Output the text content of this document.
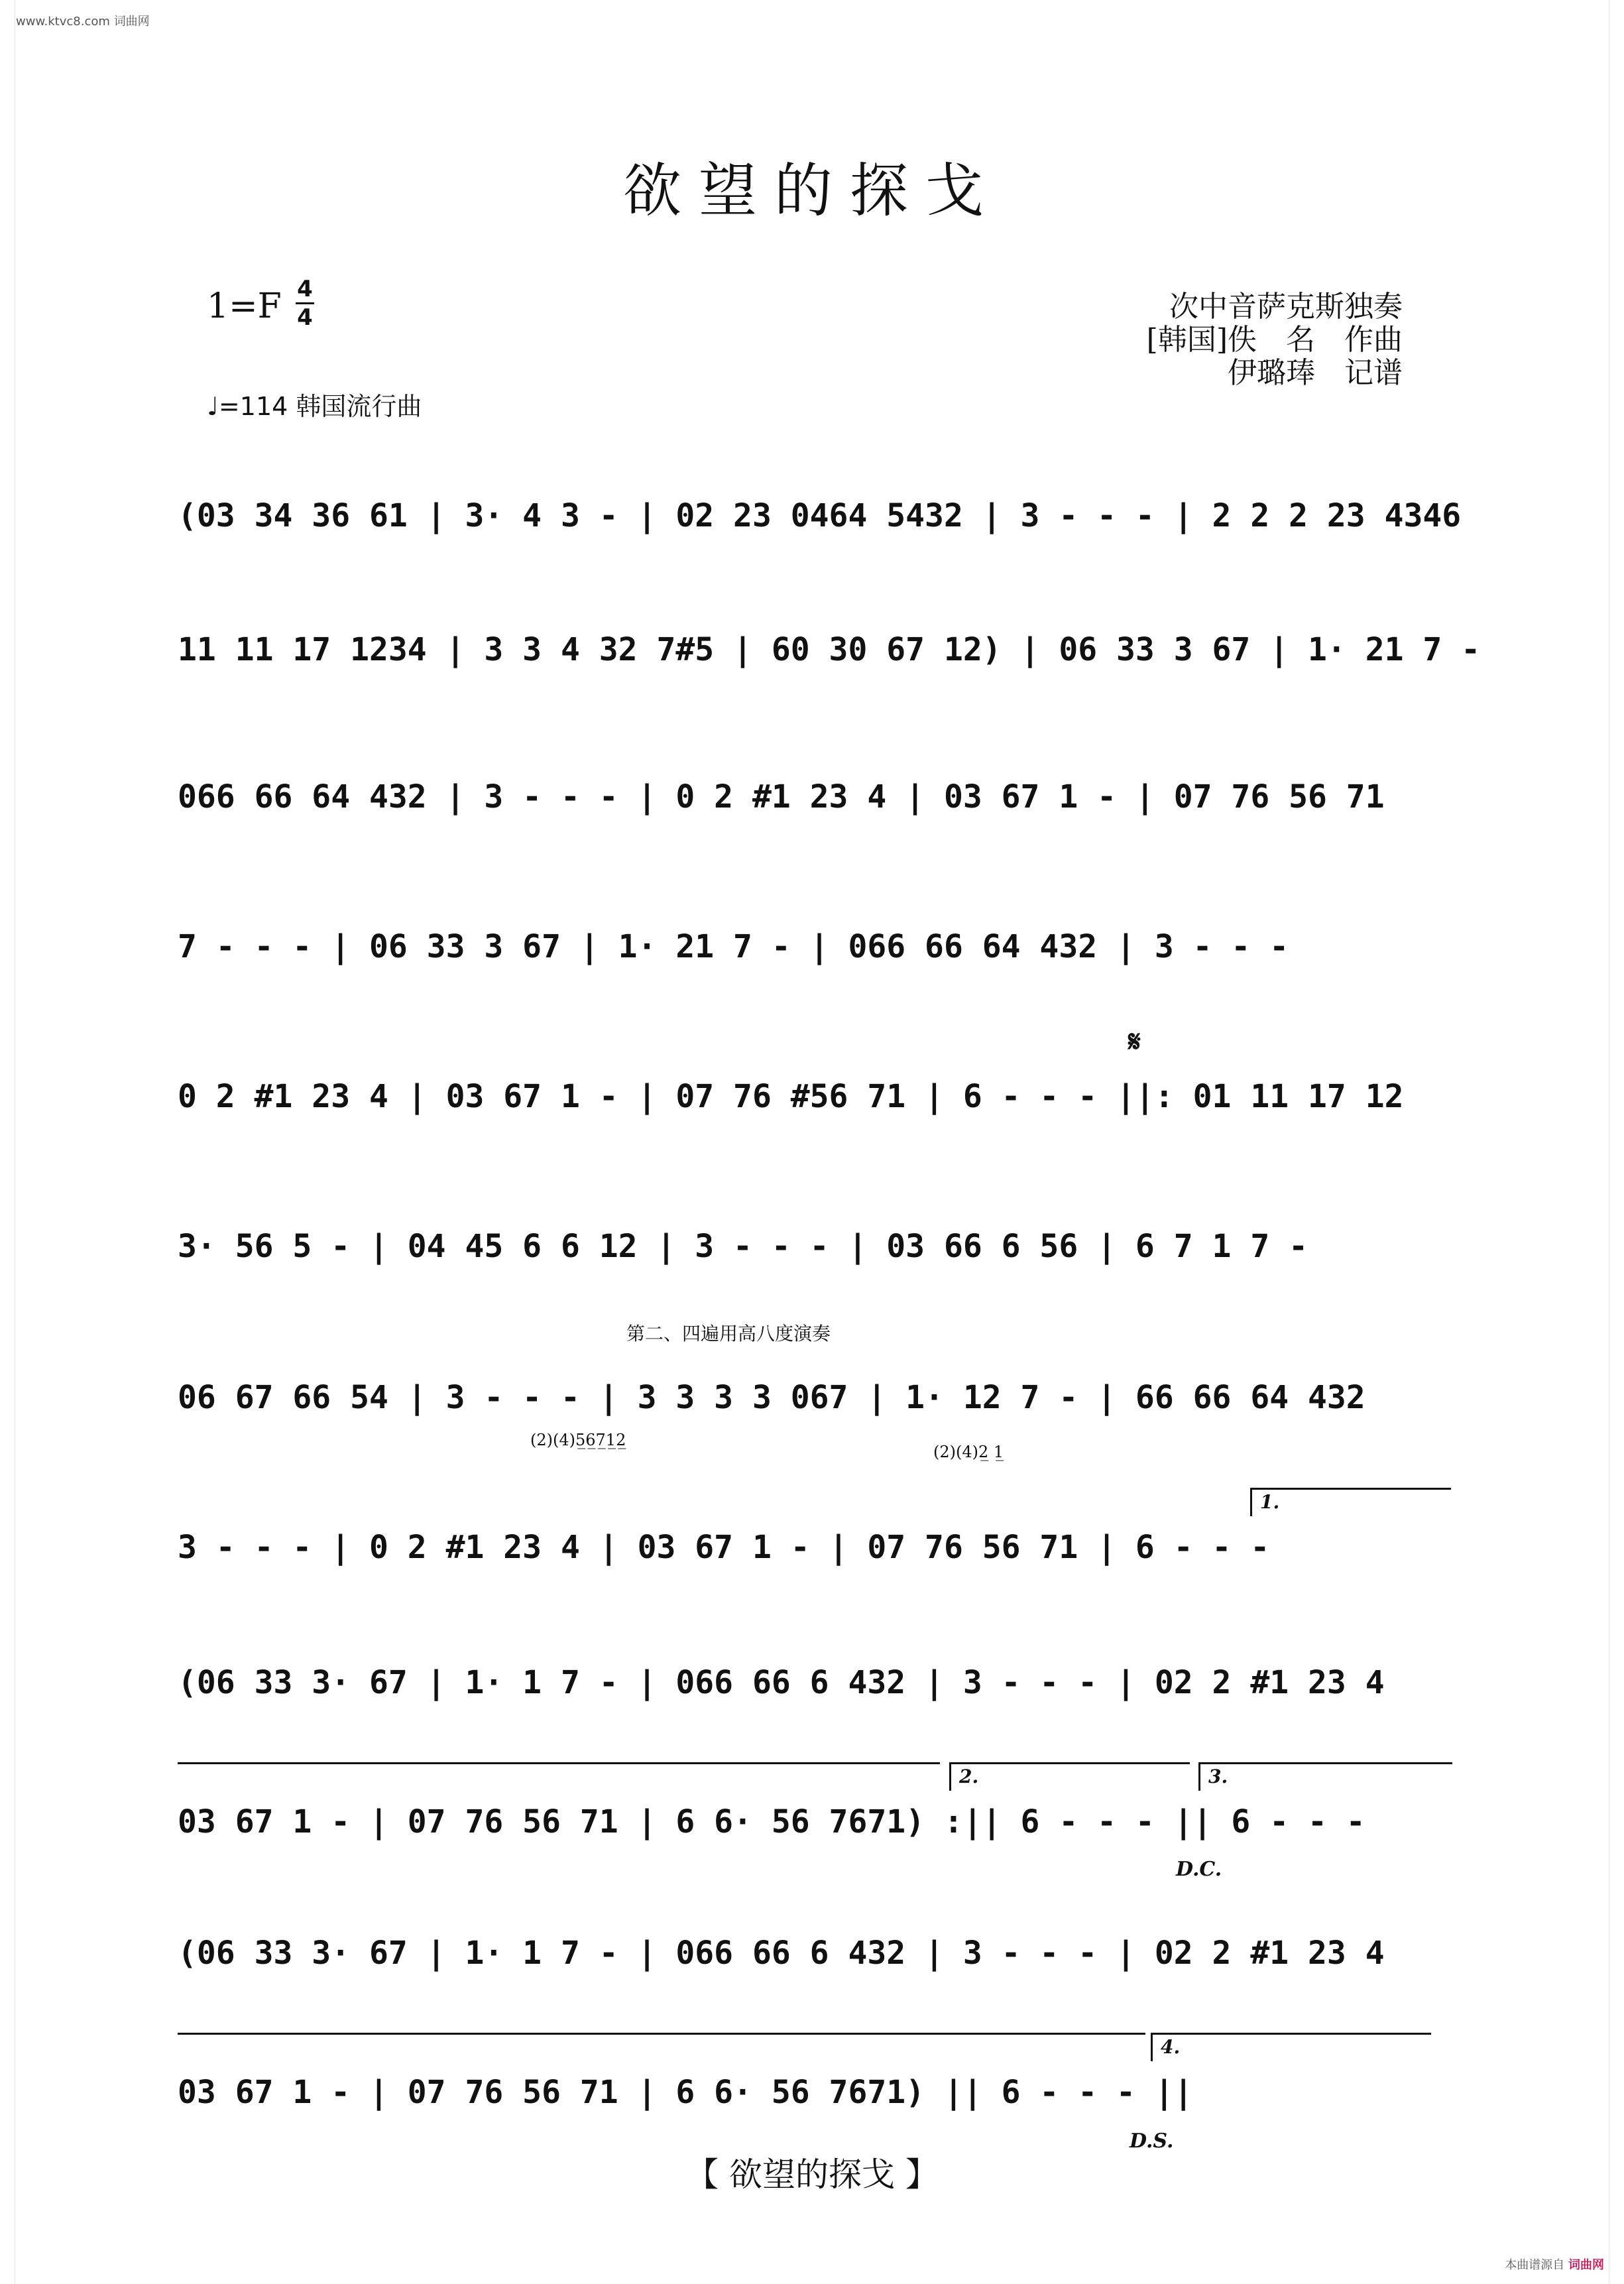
www.ktvc8.com 词曲网
欲望的探戈
1=F 4
4
♩=114 韩国流行曲
次中音萨克斯独奏
[韩国]佚　名　作曲
伊璐琫　记谱
(03 34 36 61 | 3· 4 3 - | 02 23 0464 5432 | 3 - - - | 2 2 2 23 4346
11 11 17 1234 | 3 3 4 32 7#5 | 60 30 67 12) | 06 33 3 67 | 1· 21 7 -
066 66 64 432 | 3 - - - | 0 2 #1 23 4 | 03 67 1 - | 07 76 56 71
7 - - - | 06 33 3 67 | 1· 21 7 - | 066 66 64 432 | 3 - - -
𝄋
0 2 #1 23 4 | 03 67 1 - | 07 76 #56 71 | 6 - - - ||: 01 11 17 12
3· 56 5 - | 04 45 6 6 12 | 3 - - - | 03 66 6 56 | 6 7 1 7 -
第二、四遍用高八度演奏
06 67 66 54 | 3 - - - | 3 3 3 3 067 | 1· 12 7 - | 66 66 64 432
(2)(4)5̲6̲7̲1̲2̲
(2)(4)2̲ 1̲
1.
3 - - - | 0 2 #1 23 4 | 03 67 1 - | 07 76 56 71 | 6 - - -
(06 33 3· 67 | 1· 1 7 - | 066 66 6 432 | 3 - - - | 02 2 #1 23 4
2.	3.
03 67 1 - | 07 76 56 71 | 6 6· 56 7671) :|| 6 - - - || 6 - - -
D.C.
(06 33 3· 67 | 1· 1 7 - | 066 66 6 432 | 3 - - - | 02 2 #1 23 4
4.
03 67 1 - | 07 76 56 71 | 6 6· 56 7671) || 6 - - - ||
D.S.
【 欲望的探戈 】
本曲谱源自 词曲网
